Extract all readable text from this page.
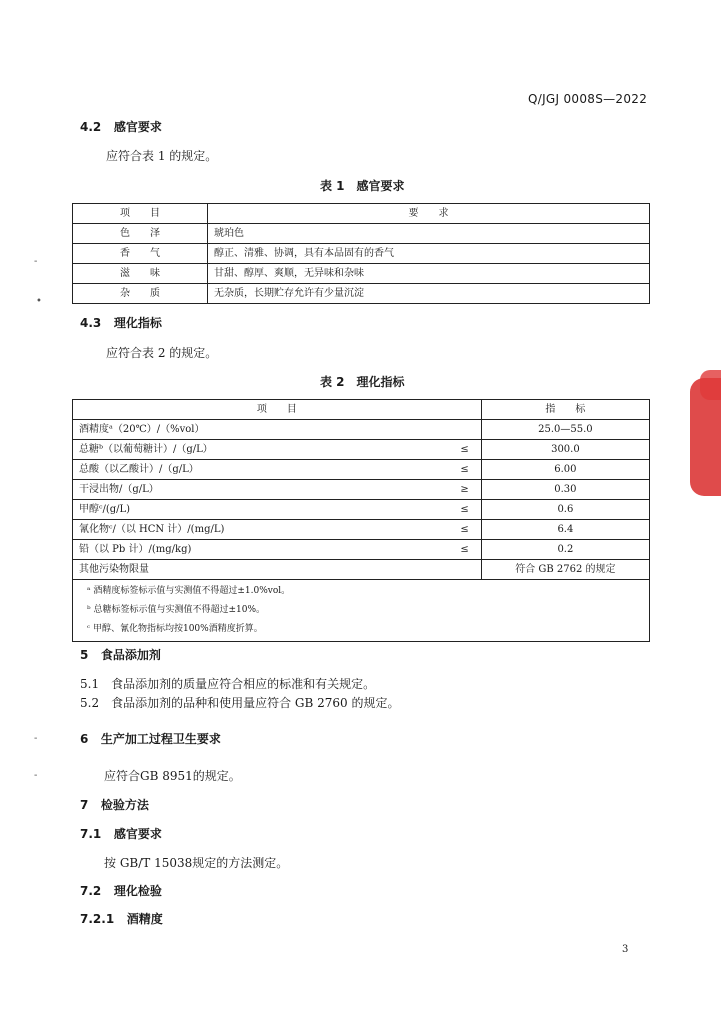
Q/JGJ 0008S—2022
4.2 感官要求
应符合表 1 的规定。
表 1　感官要求
项　　目	要　　求
色　　泽	琥珀色
香　　气	醇正、清雅、协调，具有本品固有的香气
滋　　味	甘甜、醇厚、爽顺，无异味和杂味
杂　　质	无杂质，长期贮存允许有少量沉淀
4.3 理化指标
应符合表 2 的规定。
表 2　理化指标
项　　目		指　　标
酒精度ᵃ（20℃）/（%vol）		25.0—55.0
总糖ᵇ（以葡萄糖计）/（g/L）	≤	300.0
总酸（以乙酸计）/（g/L）	≤	6.00
干浸出物/（g/L）	≥	0.30
甲醇ᶜ/(g/L)	≤	0.6
氰化物ᶜ/（以 HCN 计）/(mg/L)	≤	6.4
铅（以 Pb 计）/(mg/kg)	≤	0.2
其他污染物限量		符合 GB 2762 的规定

ᵃ 酒精度标签标示值与实测值不得超过±1.0%vol。
ᵇ 总糖标签标示值与实测值不得超过±10%。
ᶜ 甲醇、氰化物指标均按100%酒精度折算。		
5 食品添加剂
5.1　食品添加剂的质量应符合相应的标准和有关规定。
5.2　食品添加剂的品种和使用量应符合 GB 2760 的规定。
6 生产加工过程卫生要求
应符合GB 8951的规定。
7 检验方法
7.1 感官要求
按 GB/T 15038规定的方法测定。
7.2 理化检验
7.2.1 酒精度
3
-
•
-
-
